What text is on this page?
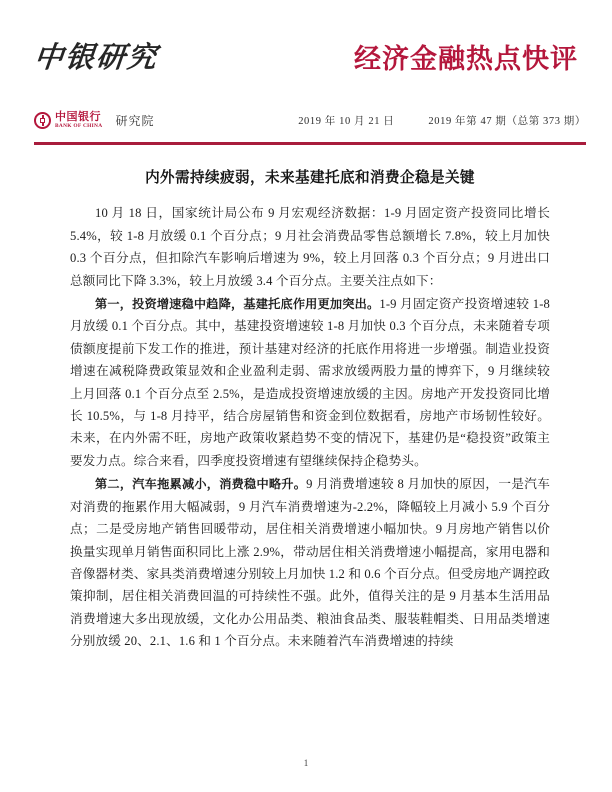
中银研究	经济金融热点快评
中国银行
BANK OF CHINA 研究院	2019 年 10 月 21 日	2019 年第 47 期（总第 373 期）
内外需持续疲弱，未来基建托底和消费企稳是关键

10 月 18 日，国家统计局公布 9 月宏观经济数据：1-9 月固定资产投资同比增长 5.4%，较 1-8 月放缓 0.1 个百分点；9 月社会消费品零售总额增长 7.8%，较上月加快 0.3 个百分点，但扣除汽车影响后增速为 9%，较上月回落 0.3 个百分点；9 月进出口总额同比下降 3.3%，较上月放缓 3.4 个百分点。主要关注点如下：

第一，投资增速稳中趋降，基建托底作用更加突出。1-9 月固定资产投资增速较 1-8 月放缓 0.1 个百分点。其中，基建投资增速较 1-8 月加快 0.3 个百分点，未来随着专项债额度提前下发工作的推进，预计基建对经济的托底作用将进一步增强。制造业投资增速在减税降费政策显效和企业盈利走弱、需求放缓两股力量的博弈下，9 月继续较上月回落 0.1 个百分点至 2.5%，是造成投资增速放缓的主因。房地产开发投资同比增长 10.5%，与 1-8 月持平，结合房屋销售和资金到位数据看，房地产市场韧性较好。未来，在内外需不旺，房地产政策收紧趋势不变的情况下，基建仍是“稳投资”政策主要发力点。综合来看，四季度投资增速有望继续保持企稳势头。

第二，汽车拖累减小，消费稳中略升。9 月消费增速较 8 月加快的原因，一是汽车对消费的拖累作用大幅减弱，9 月汽车消费增速为-2.2%，降幅较上月减小 5.9 个百分点；二是受房地产销售回暖带动，居住相关消费增速小幅加快。9 月房地产销售以价换量实现单月销售面积同比上涨 2.9%，带动居住相关消费增速小幅提高，家用电器和音像器材类、家具类消费增速分别较上月加快 1.2 和 0.6 个百分点。但受房地产调控政策抑制，居住相关消费回温的可持续性不强。此外，值得关注的是 9 月基本生活用品消费增速大多出现放缓，文化办公用品类、粮油食品类、服装鞋帽类、日用品类增速分别放缓 20、2.1、1.6 和 1 个百分点。未来随着汽车消费增速的持续

1
